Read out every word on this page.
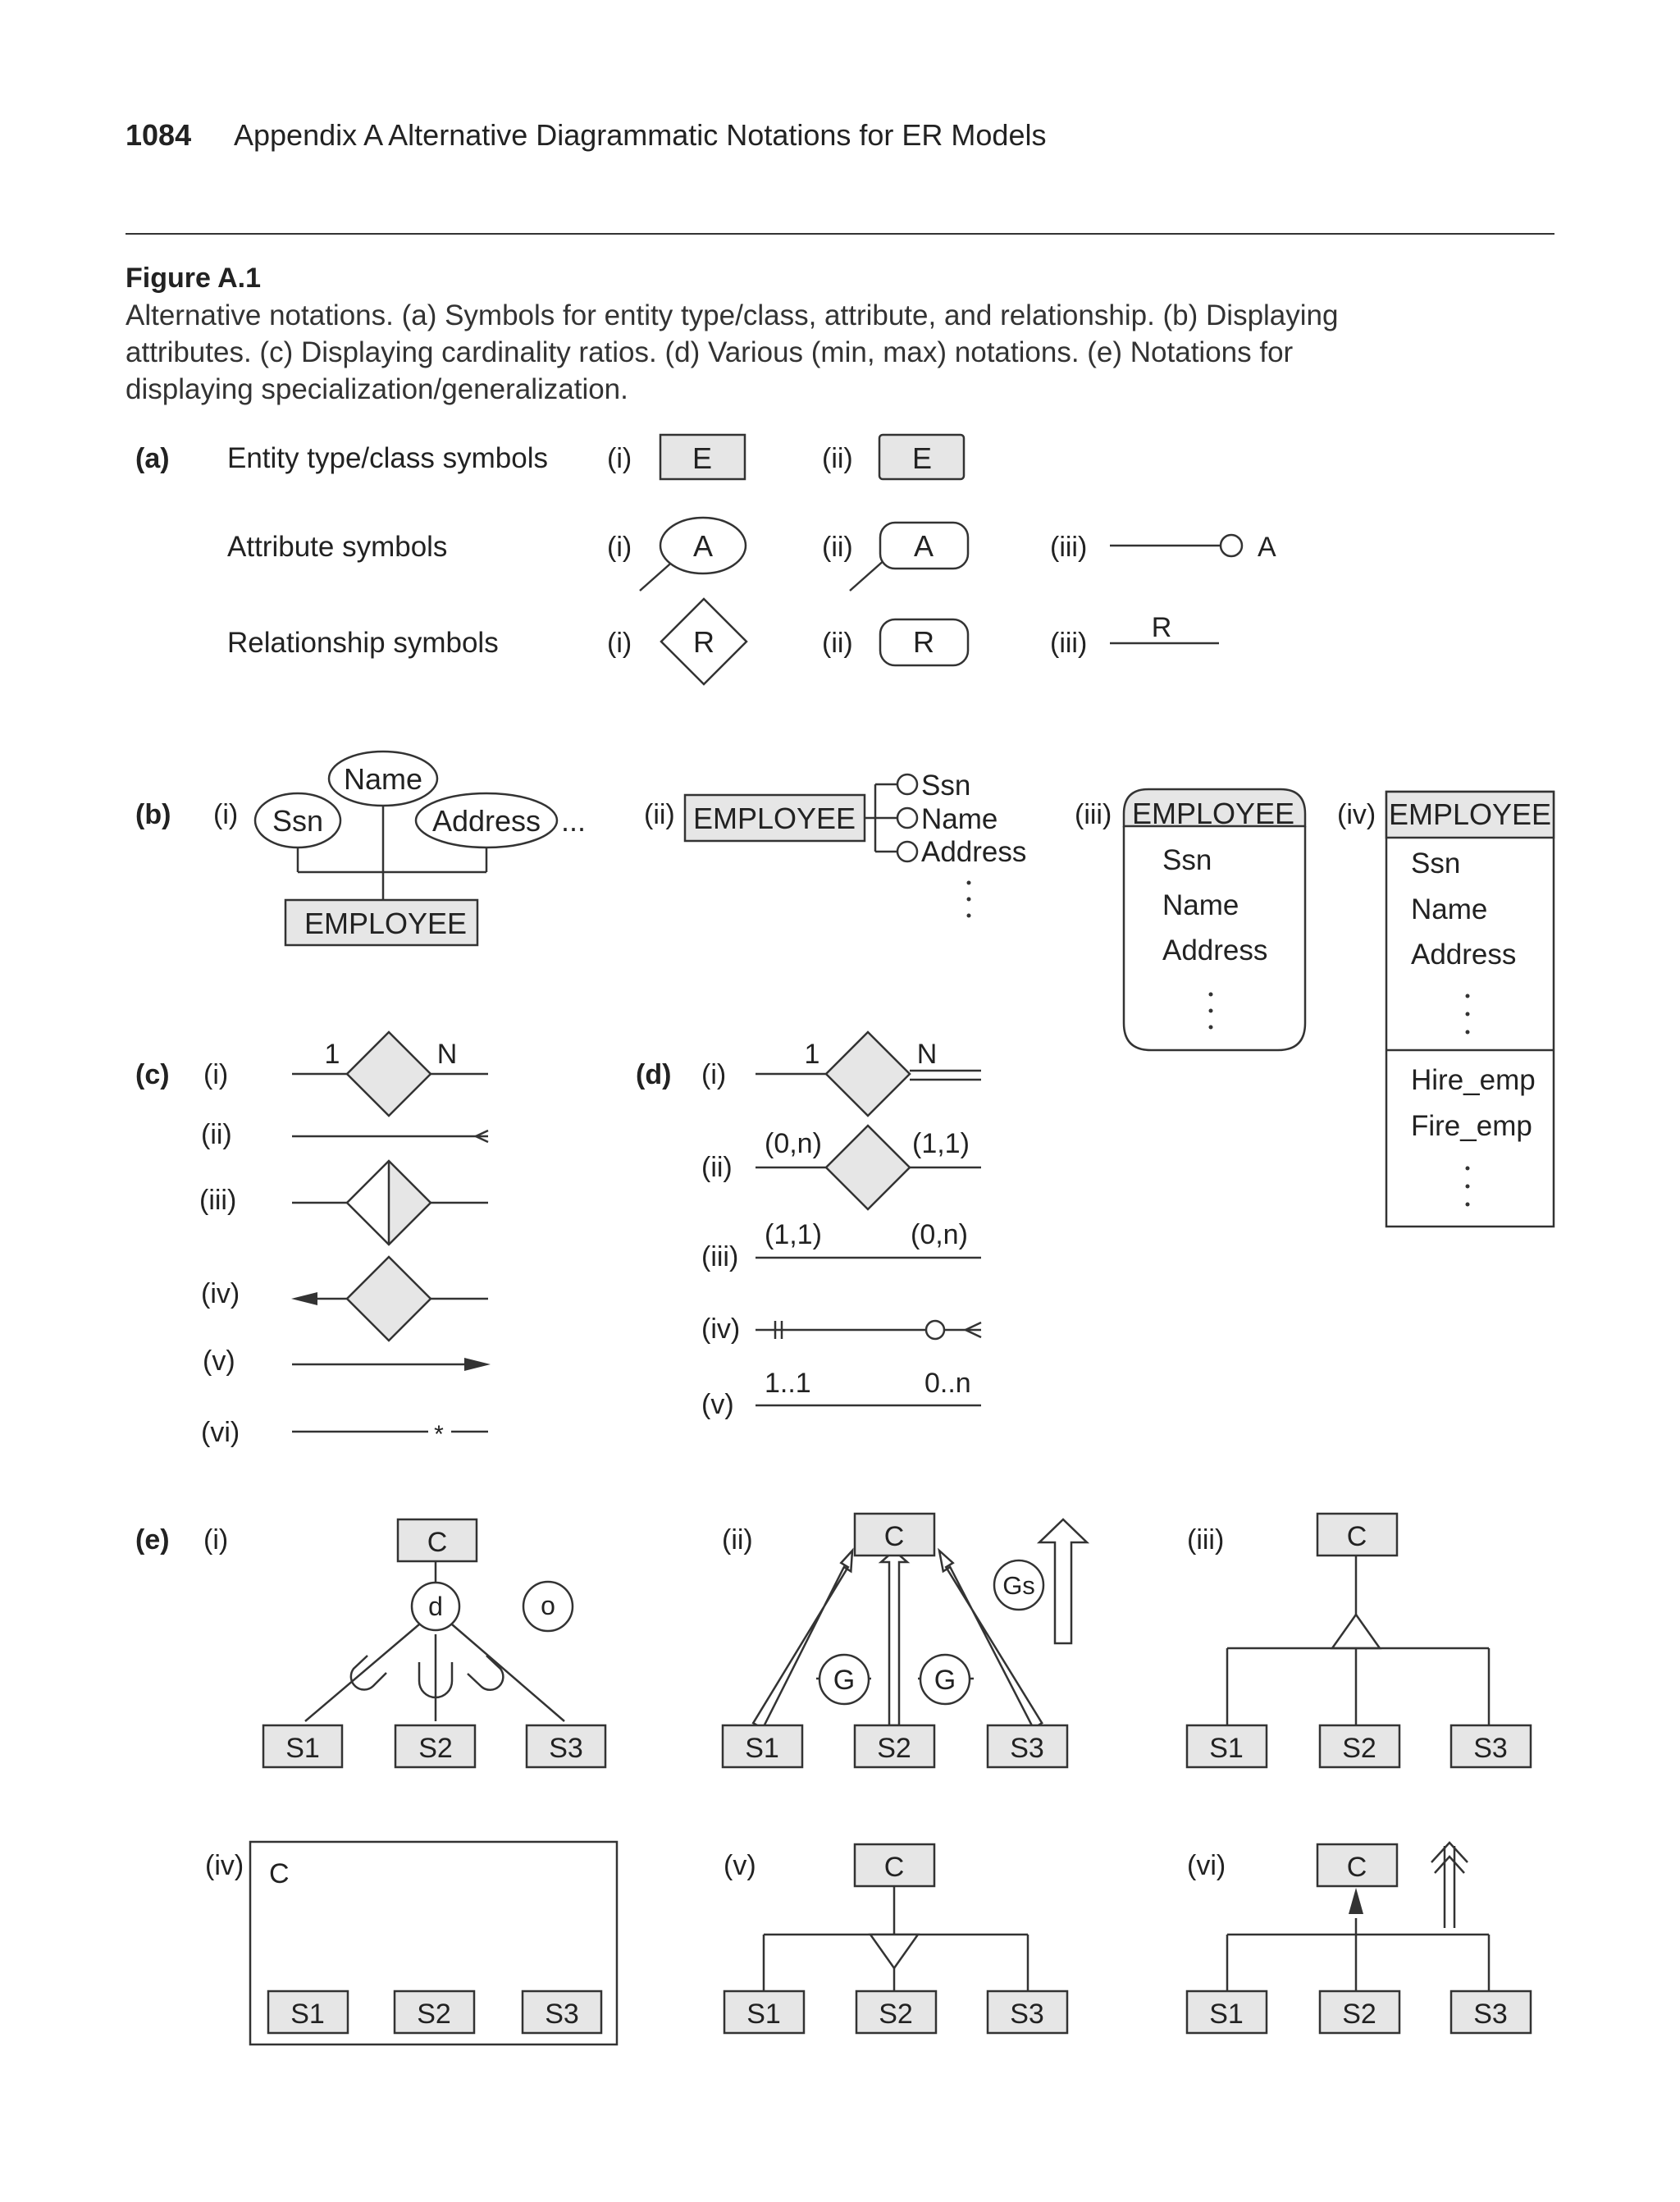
1084 Appendix A Alternative Diagrammatic Notations for ER Models
Figure A.1
Alternative notations. (a) Symbols for entity type/class, attribute, and relationship. (b) Displaying attributes. (c) Displaying cardinality ratios. (d) Various (min, max) notations. (e) Notations for displaying specialization/generalization.
(a) Entity type/class symbols
Attribute symbols
Relationship symbols
(i) E	(ii) E
(i) A	(ii) A	(iii)	A
(i) R	(ii) R	(iii) R
(b) (i)
Name
Ssn	Address ...
EMPLOYEE
(ii) EMPLOYEE
Ssn
Name
Address
(iii) EMPLOYEE
Ssn
Name
Address
(iv) EMPLOYEE
Ssn
Name
Address
Hire_emp
Fire_emp
(c) (i)
(ii)
(iii)
(iv)
(v)
(vi)
1	N
*
(d) (i)
(ii)
(iii)
(iv)
(v)
1	N
(0,n)	(1,1)
(1,1)	(0,n)
1..1	0..n
(e) (i)	C
d	o
S1	S2	S3
(ii)	C
Gs
G	G
S1	S2	S3
(iii)	C
S1	S2	S3
(iv) C
S1	S2	S3
(v)	C
S1	S2	S3
(vi)	C
S1	S2	S3
